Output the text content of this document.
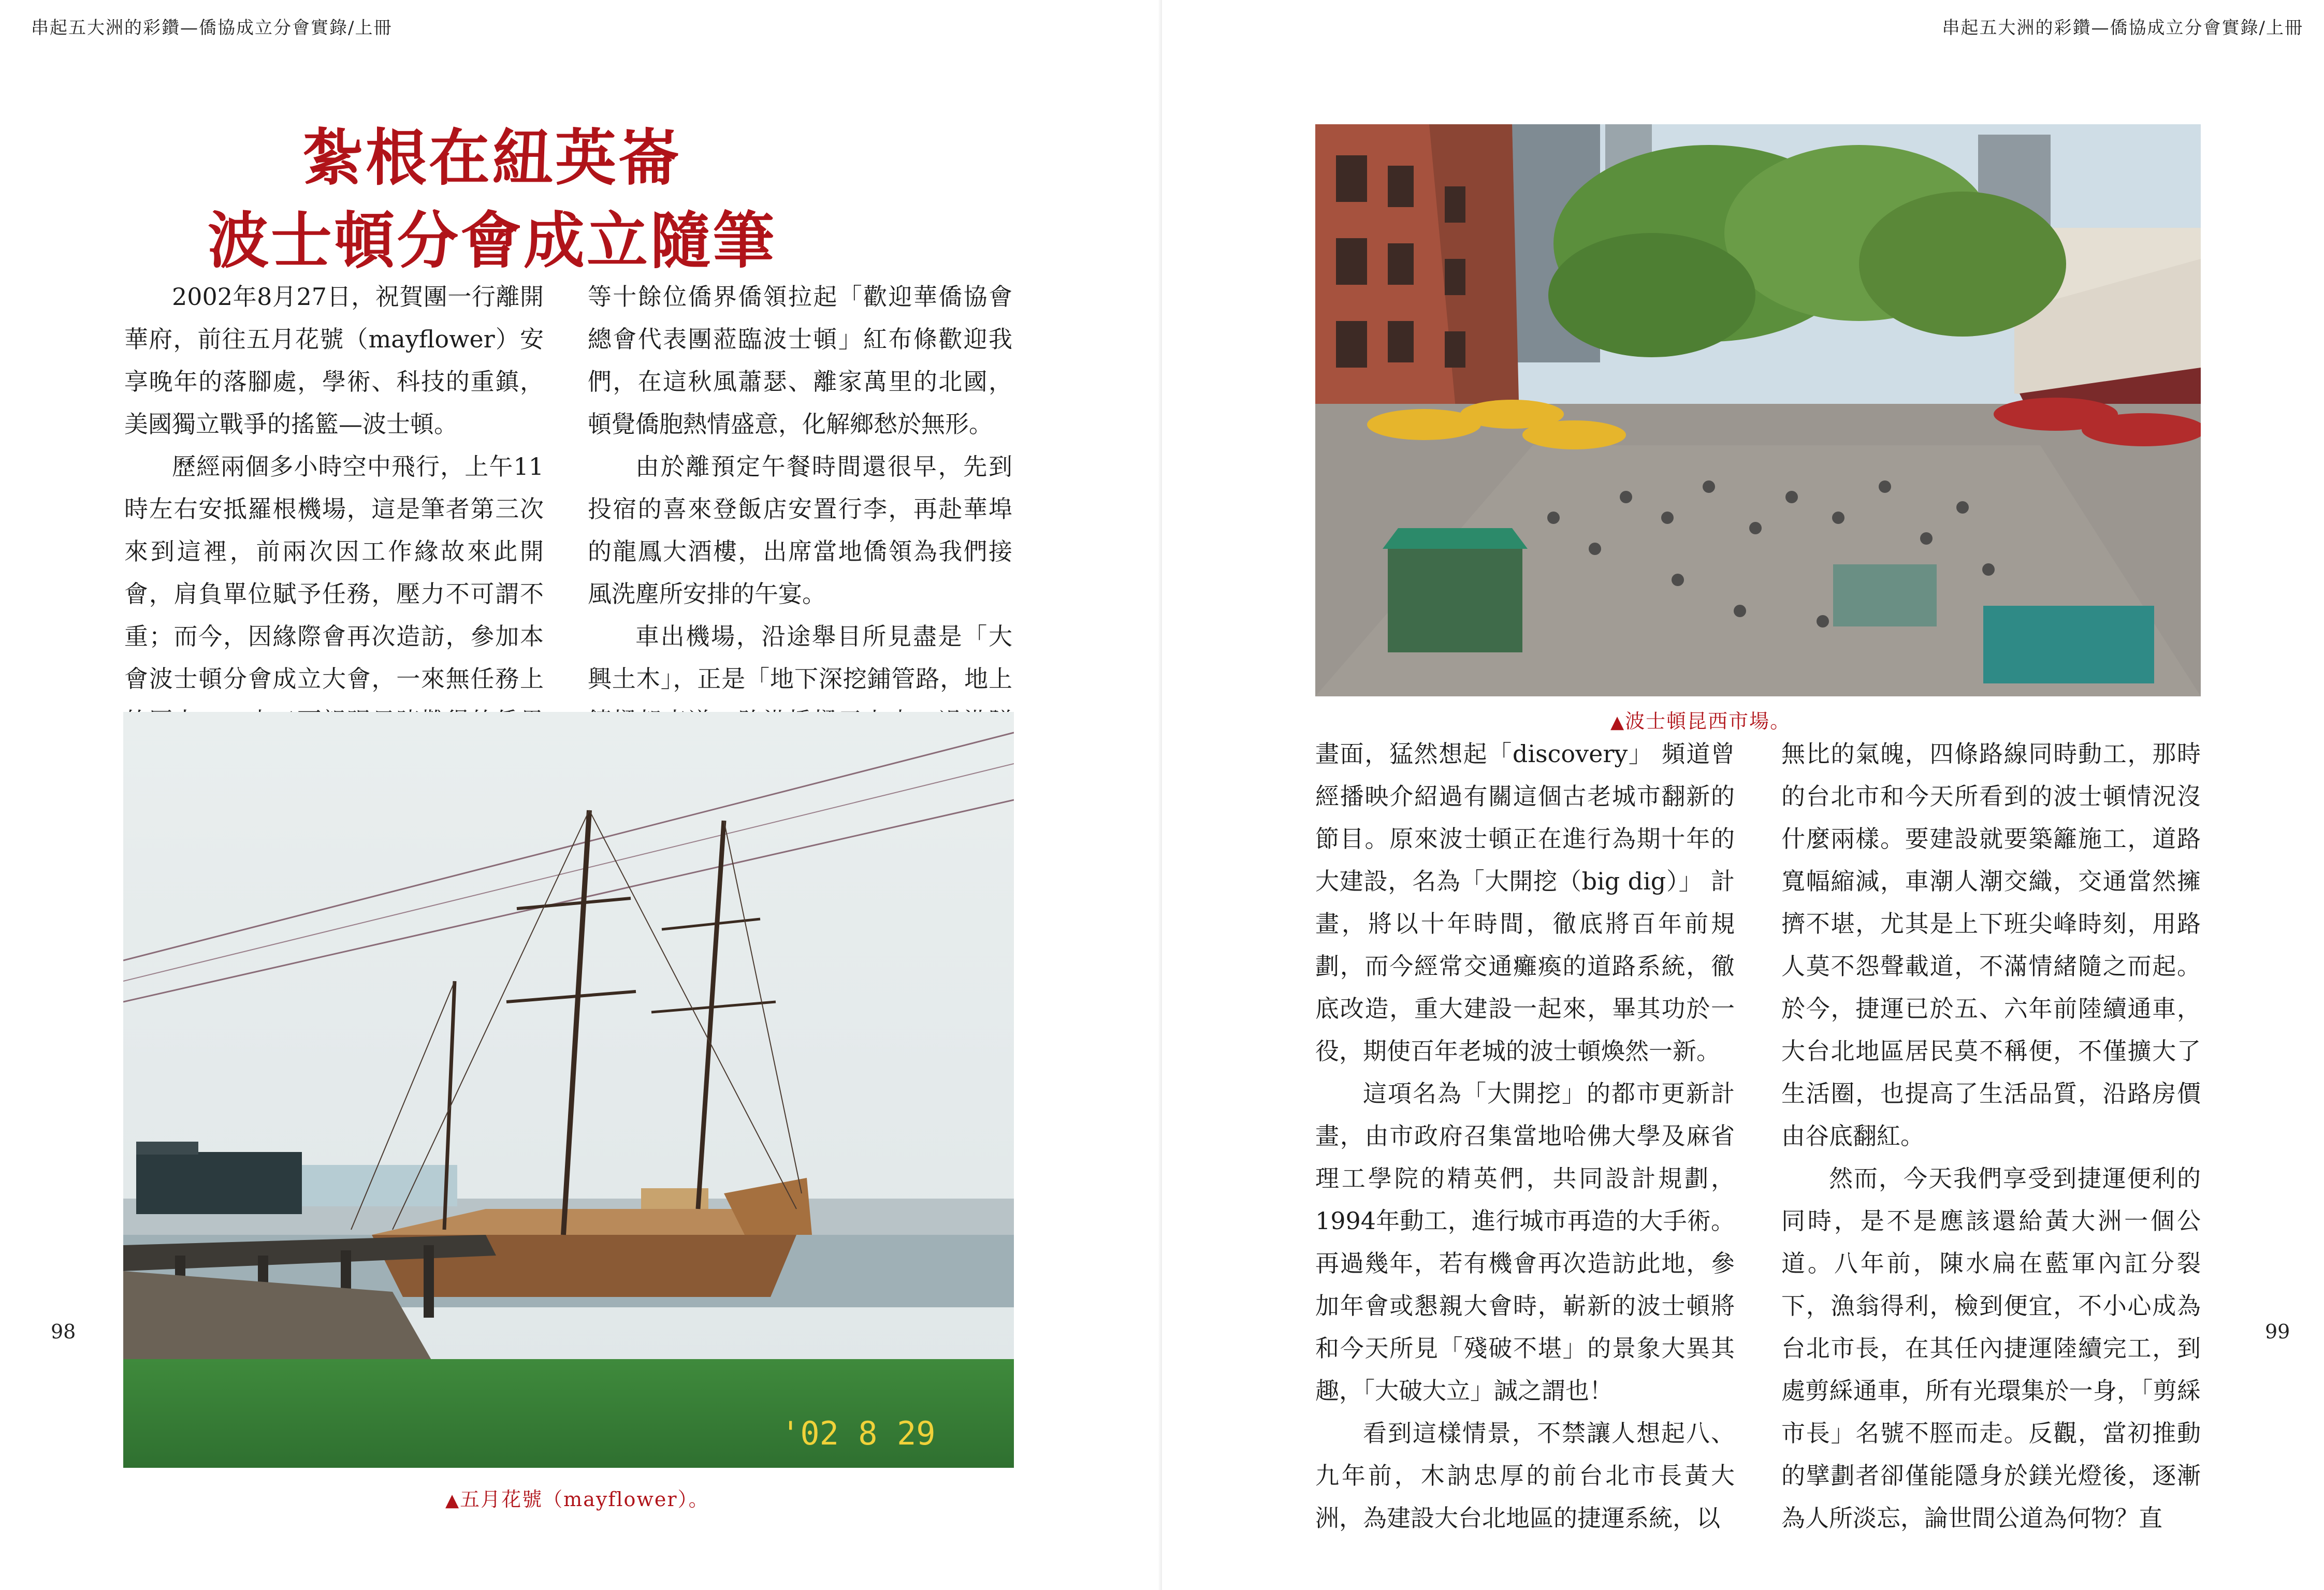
串起五大洲的彩鑽—僑協成立分會實錄/上冊
紮根在紐英崙
波士頓分會成立隨筆

2002年8月27日，祝賀團一行離開華府，前往五月花號（mayflower）安享晚年的落腳處，學術、科技的重鎮，美國獨立戰爭的搖籃—波士頓。

歷經兩個多小時空中飛行，上午11時左右安抵羅根機場，這是筆者第三次來到這裡，前兩次因工作緣故來此開會，肩負單位賦予任務，壓力不可謂不重；而今，因緣際會再次造訪，參加本會波士頓分會成立大會，一來無任務上

等十餘位僑界僑領拉起「歡迎華僑協會總會代表團蒞臨波士頓」紅布條歡迎我們，在這秋風蕭瑟、離家萬里的北國，頓覺僑胞熱情盛意，化解鄉愁於無形。

由於離預定午餐時間還很早，先到投宿的喜來登飯店安置行李，再赴華埠的龍鳳大酒樓，出席當地僑領為我們接風洗塵所安排的午宴。

車出機場，沿途舉目所見盡是「大興土木」，正是「地下深挖鋪管路，地上

'02 8 29
▲五月花號（mayflower）。
98
串起五大洲的彩鑽—僑協成立分會實錄/上冊
▲波士頓昆西市場。

畫面，猛然想起「discovery」 頻道曾經播映介紹過有關這個古老城市翻新的節目。原來波士頓正在進行為期十年的大建設，名為「大開挖（big dig）」 計畫，將以十年時間，徹底將百年前規劃，而今經常交通癱瘓的道路系統，徹底改造，重大建設一起來，畢其功於一役，期使百年老城的波士頓煥然一新。

這項名為「大開挖」的都市更新計畫，由市政府召集當地哈佛大學及麻省理工學院的精英們，共同設計規劃，1994年動工，進行城市再造的大手術。再過幾年，若有機會再次造訪此地，參加年會或懇親大會時，嶄新的波士頓將和今天所見「殘破不堪」的景象大異其趣，「大破大立」誠之謂也！

看到這樣情景，不禁讓人想起八、九年前，木訥忠厚的前台北市長黃大洲，為建設大台北地區的捷運系統，以

無比的氣魄，四條路線同時動工，那時的台北市和今天所看到的波士頓情況沒什麼兩樣。要建設就要築籬施工，道路寬幅縮減，車潮人潮交織，交通當然擁擠不堪，尤其是上下班尖峰時刻，用路人莫不怨聲載道，不滿情緒隨之而起。於今，捷運已於五、六年前陸續通車，大台北地區居民莫不稱便，不僅擴大了生活圈，也提高了生活品質，沿路房價由谷底翻紅。

然而，今天我們享受到捷運便利的同時，是不是應該還給黃大洲一個公道。八年前，陳水扁在藍軍內訌分裂下，漁翁得利，檢到便宜，不小心成為台北市長，在其任內捷運陸續完工，到處剪綵通車，所有光環集於一身，「剪綵市長」名號不脛而走。反觀，當初推動的擘劃者卻僅能隱身於鎂光燈後，逐漸為人所淡忘，論世間公道為何物？直

99
